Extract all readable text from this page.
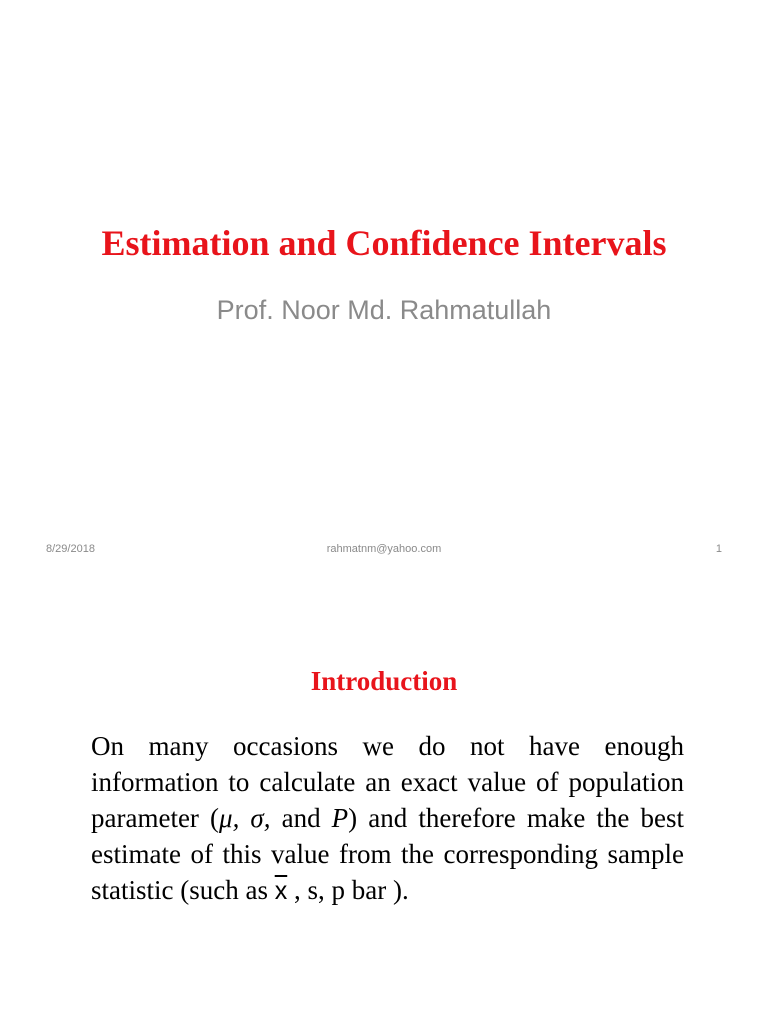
Estimation and Confidence Intervals
Prof. Noor Md. Rahmatullah
8/29/2018	rahmatnm@yahoo.com	1
Introduction
On many occasions we do not have enough information to calculate an exact value of population parameter (μ, σ, and P) and therefore make the best estimate of this value from the corresponding sample statistic (such as $\overline{x}$ , s, p bar ).
